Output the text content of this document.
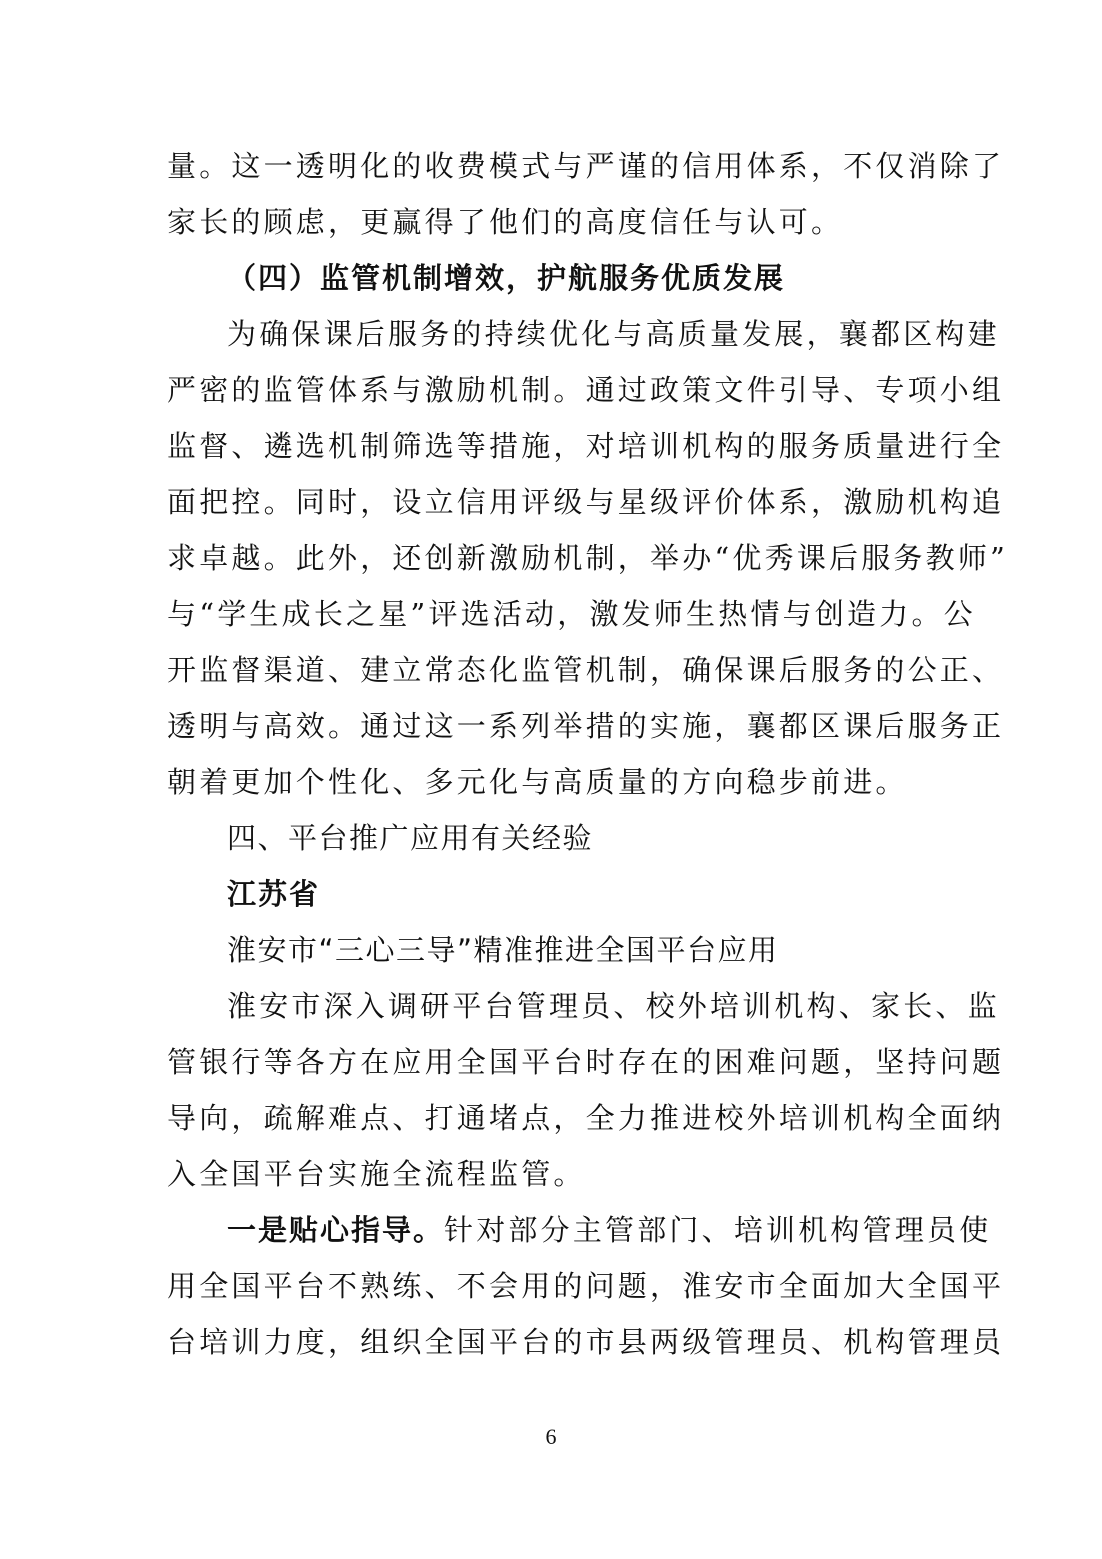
量。这一透明化的收费模式与严谨的信用体系，不仅消除了
家长的顾虑，更赢得了他们的高度信任与认可。
（四）监管机制增效，护航服务优质发展
为确保课后服务的持续优化与高质量发展，襄都区构建
严密的监管体系与激励机制。通过政策文件引导、专项小组
监督、遴选机制筛选等措施，对培训机构的服务质量进行全
面把控。同时，设立信用评级与星级评价体系，激励机构追
求卓越。此外，还创新激励机制，举办“优秀课后服务教师”
与“学生成长之星”评选活动，激发师生热情与创造力。公
开监督渠道、建立常态化监管机制，确保课后服务的公正、
透明与高效。通过这一系列举措的实施，襄都区课后服务正
朝着更加个性化、多元化与高质量的方向稳步前进。
四、平台推广应用有关经验
江苏省
淮安市“三心三导”精准推进全国平台应用
淮安市深入调研平台管理员、校外培训机构、家长、监
管银行等各方在应用全国平台时存在的困难问题，坚持问题
导向，疏解难点、打通堵点，全力推进校外培训机构全面纳
入全国平台实施全流程监管。
一是贴心指导。针对部分主管部门、培训机构管理员使
用全国平台不熟练、不会用的问题，淮安市全面加大全国平
台培训力度，组织全国平台的市县两级管理员、机构管理员
6
